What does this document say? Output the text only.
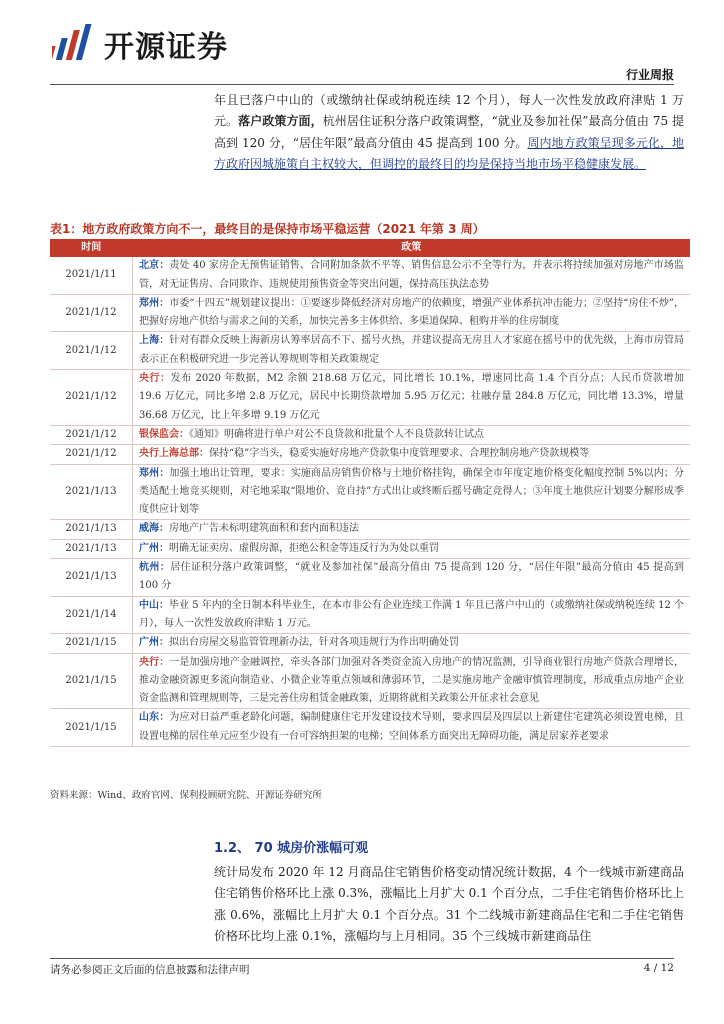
开源证券
行业周报
年且已落户中山的（或缴纳社保或纳税连续 12 个月），每人一次性发放政府津贴 1 万元。落户政策方面，杭州居住证积分落户政策调整，“就业及参加社保”最高分值由 75 提高到 120 分，“居住年限”最高分值由 45 提高到 100 分。周内地方政策呈现多元化，地方政府因城施策自主权较大，但调控的最终目的均是保持当地市场平稳健康发展。
表1：地方政府政策方向不一，最终目的是保持市场平稳运营（2021 年第 3 周）
时间	政策
2021/1/11	北京：责处 40 家房企无预售证销售、合同附加条款不平等、销售信息公示不全等行为，并表示将持续加强对房地产市场监管，对无证售房、合同欺诈、违规使用预售资金等突出问题，保持高压执法态势
2021/1/12	郑州：市委“十四五”规划建议提出：①要逐步降低经济对房地产的依赖度，增强产业体系抗冲击能力；②坚持“房住不炒”，把握好房地产供给与需求之间的关系，加快完善多主体供给、多渠道保障、租购并举的住房制度
2021/1/12	上海：针对有群众反映上海新房认筹率居高不下、摇号火热，并建议提高无房且人才家庭在摇号中的优先级，上海市房管局表示正在积极研究进一步完善认筹规则等相关政策规定
2021/1/12	央行：发布 2020 年数据，M2 余额 218.68 万亿元，同比增长 10.1%，增速同比高 1.4 个百分点；人民币贷款增加 19.6 万亿元，同比多增 2.8 万亿元，居民中长期贷款增加 5.95 万亿元；社融存量 284.8 万亿元，同比增 13.3%，增量 36.68 万亿元，比上年多增 9.19 万亿元
2021/1/12	银保监会：《通知》明确将进行单户对公不良贷款和批量个人不良贷款转让试点
2021/1/12	央行上海总部：保持“稳”字当头，稳妥实施好房地产贷款集中度管理要求、合理控制房地产贷款规模等
2021/1/13	郑州：加强土地出让管理，要求：实施商品房销售价格与土地价格挂钩，确保全市年度定地价格变化幅度控制 5%以内；分类适配土地竞买规则，对宅地采取“限地价、竞自持”方式出让或终断后摇号确定竞得人；③年度土地供应计划要分解形成季度供应计划等
2021/1/13	威海：房地产广告未标明建筑面积和套内面积违法
2021/1/13	广州：明确无证卖房、虚假房源，拒绝公积金等违反行为为处以重罚
2021/1/13	杭州：居住证积分落户政策调整，“就业及参加社保”最高分值由 75 提高到 120 分，“居住年限”最高分值由 45 提高到 100 分
2021/1/14	中山：毕业 5 年内的全日制本科毕业生，在本市非公有企业连续工作满 1 年且已落户中山的（或缴纳社保或纳税连续 12 个月），每人一次性发放政府津贴 1 万元。
2021/1/15	广州：拟出台房屋交易监管管理新办法，针对各项违规行为作出明确处罚
2021/1/15	央行：一是加强房地产金融调控，牵头各部门加强对各类资金流入房地产的情况监测，引导商业银行房地产贷款合理增长，推动金融资源更多流向制造业、小微企业等重点领域和薄弱环节，二是实施房地产金融审慎管理制度，形成重点房地产企业资金监测和管理规则等，三是完善住房租赁金融政策，近期将就相关政策公开征求社会意见
2021/1/15	山东：为应对日益严重老龄化问题，编制健康住宅开发建设技术导则，要求四层及四层以上新建住宅建筑必须设置电梯，且设置电梯的居住单元应至少设有一台可容纳担架的电梯；空间体系方面突出无障碍功能，满足居家养老要求
资料来源：Wind、政府官网、保利投顾研究院、开源证券研究所
1.2、 70 城房价涨幅可观
统计局发布 2020 年 12 月商品住宅销售价格变动情况统计数据，4 个一线城市新建商品住宅销售价格环比上涨 0.3%，涨幅比上月扩大 0.1 个百分点，二手住宅销售价格环比上涨 0.6%，涨幅比上月扩大 0.1 个百分点。31 个二线城市新建商品住宅和二手住宅销售价格环比均上涨 0.1%，涨幅均与上月相同。35 个三线城市新建商品住
请务必参阅正文后面的信息披露和法律声明	4 / 12
